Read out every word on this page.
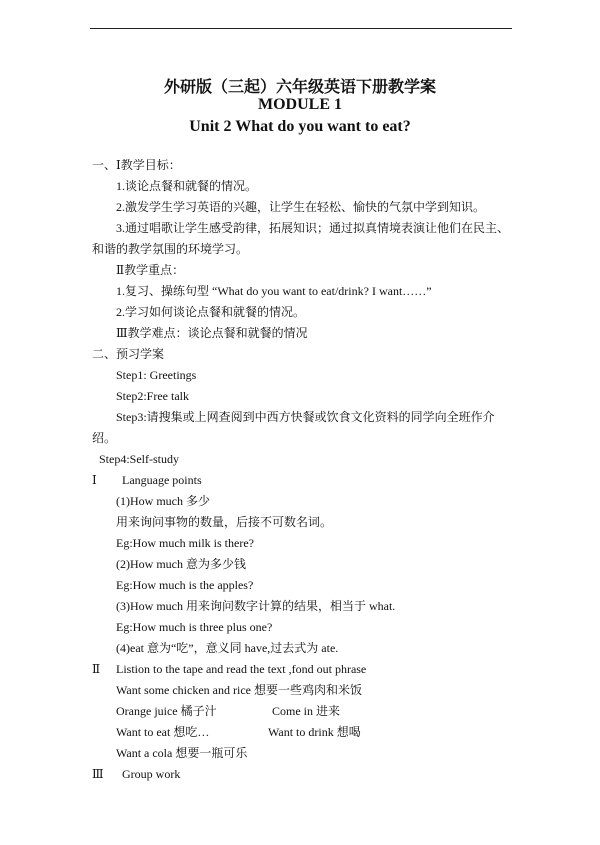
外研版（三起）六年级英语下册教学案
MODULE 1
Unit 2 What do you want to eat?
一、Ⅰ教学目标：
1.谈论点餐和就餐的情况。
2.激发学生学习英语的兴趣，让学生在轻松、愉快的气氛中学到知识。
3.通过唱歌让学生感受韵律，拓展知识；通过拟真情境表演让他们在民主、
和谐的教学氛围的环境学习。
Ⅱ教学重点：
1.复习、操练句型 “What do you want to eat/drink? I want……”
2.学习如何谈论点餐和就餐的情况。
Ⅲ教学难点：谈论点餐和就餐的情况
二、预习学案
Step1: Greetings
Step2:Free talk
Step3:请搜集或上网查阅到中西方快餐或饮食文化资料的同学向全班作介
绍。
Step4:Self-study
Ⅰ Language points
(1)How much 多少
用来询问事物的数量，后接不可数名词。
Eg:How much milk is there?
(2)How much 意为多少钱
Eg:How much is the apples?
(3)How much 用来询问数字计算的结果，相当于 what.
Eg:How much is three plus one?
(4)eat 意为“吃”，意义同 have,过去式为 ate.
Ⅱ Listion to the tape and read the text ,fond out phrase
Want some chicken and rice 想要一些鸡肉和米饭
Orange juice 橘子汁	Come in 进来
Want to eat 想吃…	Want to drink 想喝
Want a cola 想要一瓶可乐
Ⅲ Group work
